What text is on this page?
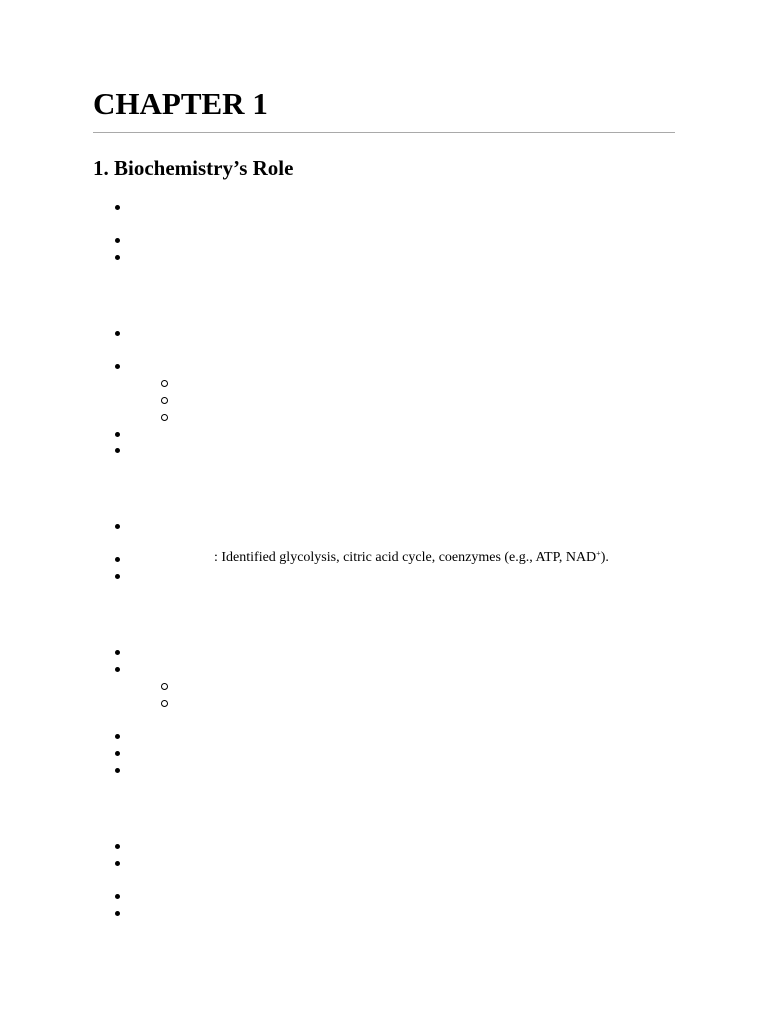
CHAPTER 1
1. Biochemistry’s Role
: Identified glycolysis, citric acid cycle, coenzymes (e.g., ATP, NAD+).
